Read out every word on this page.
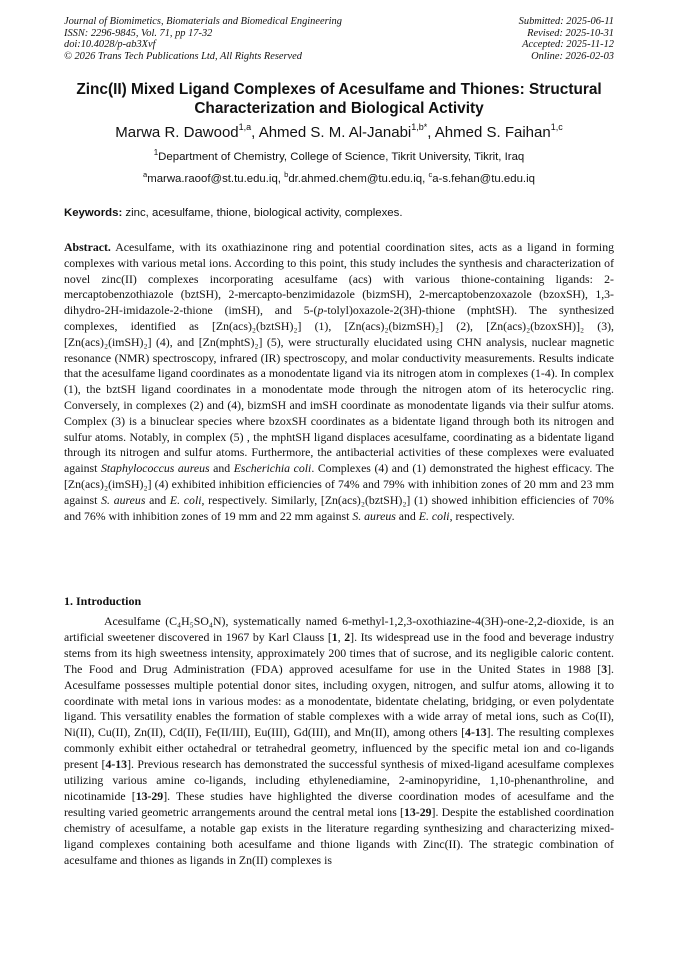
Journal of Biomimetics, Biomaterials and Biomedical Engineering
ISSN: 2296-9845, Vol. 71, pp 17-32
doi:10.4028/p-ab3Xvf
© 2026 Trans Tech Publications Ltd, All Rights Reserved
Submitted: 2025-06-11
Revised: 2025-10-31
Accepted: 2025-11-12
Online: 2026-02-03
Zinc(II) Mixed Ligand Complexes of Acesulfame and Thiones: Structural
Characterization and Biological Activity
Marwa R. Dawood$^{1,a}$, Ahmed S. M. Al-Janabi$^{1,b*}$, Ahmed S. Faihan$^{1,c}$
$^1$Department of Chemistry, College of Science, Tikrit University, Tikrit, Iraq
$^a$marwa.raoof@st.tu.edu.iq, $^b$dr.ahmed.chem@tu.edu.iq, $^c$a-s.fehan@tu.edu.iq
Keywords: zinc, acesulfame, thione, biological activity, complexes.

Abstract. Acesulfame, with its oxathiazinone ring and potential coordination sites, acts as a ligand in forming complexes with various metal ions. According to this point, this study includes the synthesis and characterization of novel zinc(II) complexes incorporating acesulfame (acs) with various thione-containing ligands: 2-mercaptobenzothiazole (bztSH), 2-mercapto-benzimidazole (bizmSH), 2-mercaptobenzoxazole (bzoxSH), 1,3-dihydro-2H-imidazole-2-thione (imSH), and 5-(p-tolyl)oxazole-2(3H)-thione (mphtSH). The synthesized complexes, identified as [Zn(acs)₂(bztSH)₂] (1), [Zn(acs)₂(bizmSH)₂] (2), [Zn(acs)₂(bzoxSH)]₂ (3), [Zn(acs)₂(imSH)₂] (4), and [Zn(mphtS)₂] (5), were structurally elucidated using CHN analysis, nuclear magnetic resonance (NMR) spectroscopy, infrared (IR) spectroscopy, and molar conductivity measurements. Results indicate that the acesulfame ligand coordinates as a monodentate ligand via its nitrogen atom in complexes (1-4). In complex (1), the bztSH ligand coordinates in a monodentate mode through the nitrogen atom of its heterocyclic ring. Conversely, in complexes (2) and (4), bizmSH and imSH coordinate as monodentate ligands via their sulfur atoms. Complex (3) is a binuclear species where bzoxSH coordinates as a bidentate ligand through both its nitrogen and sulfur atoms. Notably, in complex (5) , the mphtSH ligand displaces acesulfame, coordinating as a bidentate ligand through its nitrogen and sulfur atoms. Furthermore, the antibacterial activities of these complexes were evaluated against Staphylococcus aureus and Escherichia coli. Complexes (4) and (1) demonstrated the highest efficacy. The [Zn(acs)₂(imSH)₂] (4) exhibited inhibition efficiencies of 74% and 79% with inhibition zones of 20 mm and 23 mm against S. aureus and E. coli, respectively. Similarly, [Zn(acs)₂(bztSH)₂] (1) showed inhibition efficiencies of 70% and 76% with inhibition zones of 19 mm and 22 mm against S. aureus and E. coli, respectively.

1. Introduction

Acesulfame (C₄H₅SO₄N), systematically named 6-methyl-1,2,3-oxothiazine-4(3H)-one-2,2-dioxide, is an artificial sweetener discovered in 1967 by Karl Clauss [1, 2]. Its widespread use in the food and beverage industry stems from its high sweetness intensity, approximately 200 times that of sucrose, and its negligible caloric content. The Food and Drug Administration (FDA) approved acesulfame for use in the United States in 1988 [3]. Acesulfame possesses multiple potential donor sites, including oxygen, nitrogen, and sulfur atoms, allowing it to coordinate with metal ions in various modes: as a monodentate, bidentate chelating, bridging, or even polydentate ligand. This versatility enables the formation of stable complexes with a wide array of metal ions, such as Co(II), Ni(II), Cu(II), Zn(II), Cd(II), Fe(II/III), Eu(III), Gd(III), and Mn(II), among others [4-13]. The resulting complexes commonly exhibit either octahedral or tetrahedral geometry, influenced by the specific metal ion and co-ligands present [4-13]. Previous research has demonstrated the successful synthesis of mixed-ligand acesulfame complexes utilizing various amine co-ligands, including ethylenediamine, 2-aminopyridine, 1,10-phenanthroline, and nicotinamide [13-29]. These studies have highlighted the diverse coordination modes of acesulfame and the resulting varied geometric arrangements around the central metal ions [13-29]. Despite the established coordination chemistry of acesulfame, a notable gap exists in the literature regarding synthesizing and characterizing mixed-ligand complexes containing both acesulfame and thione ligands with Zinc(II). The strategic combination of acesulfame and thiones as ligands in Zn(II) complexes is
